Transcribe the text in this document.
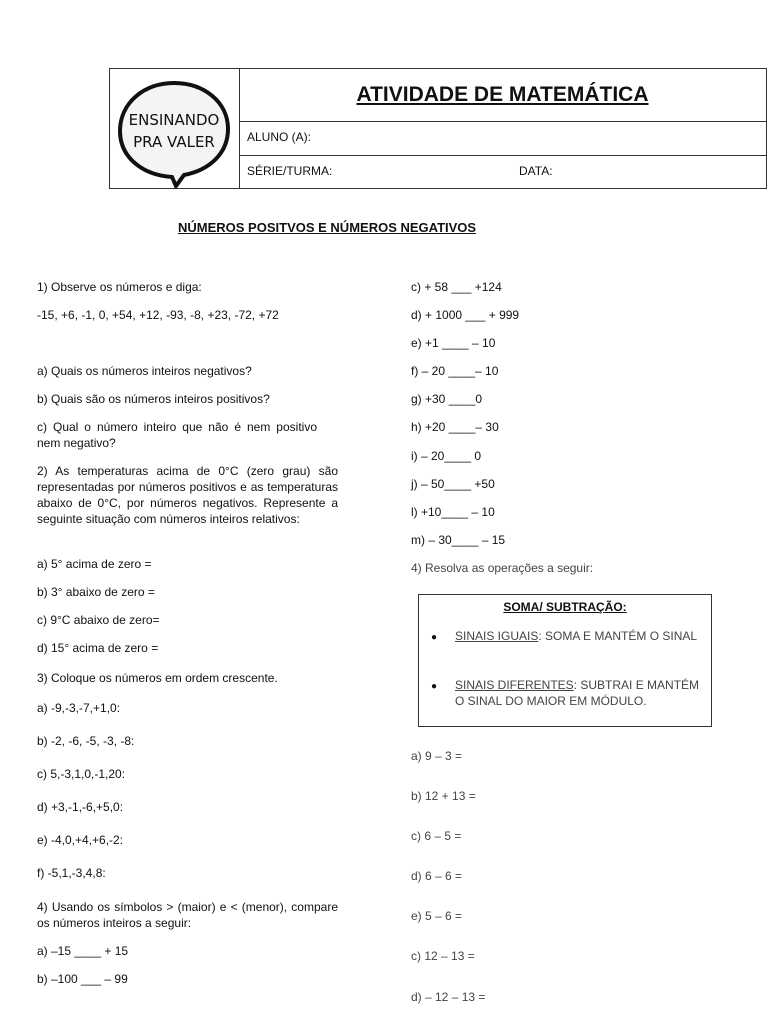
ENSINANDO
PRA VALER
ATIVIDADE DE MATEMÁTICA
ALUNO (A):
SÉRIE/TURMA:	DATA:
NÚMEROS POSITVOS E NÚMEROS NEGATIVOS
1) Observe os números e diga:
-15, +6, -1, 0, +54, +12, -93, -8, +23, -72, +72
a) Quais os números inteiros negativos?
b) Quais são os números inteiros positivos?
c) Qual o número inteiro que não é nem positivo nem negativo?
2) As temperaturas acima de 0°C (zero grau) são representadas por números positivos e as temperaturas abaixo de 0°C, por números negativos. Represente a seguinte situação com números inteiros relativos:
a) 5° acima de zero =
b) 3° abaixo de zero =
c) 9°C abaixo de zero=
d) 15° acima de zero =
3) Coloque os números em ordem crescente.
a) -9,-3,-7,+1,0:
b) -2, -6, -5, -3, -8:
c) 5,-3,1,0,-1,20:
d) +3,-1,-6,+5,0:
e) -4,0,+4,+6,-2:
f) -5,1,-3,4,8:
4) Usando os símbolos > (maior) e < (menor), compare os números inteiros a seguir:
a) –15 ____ + 15
b) –100 ___ – 99
c) + 58 ___ +124
d) + 1000 ___ + 999
e) +1 ____ – 10
f) – 20 ____– 10
g) +30 ____0
h) +20 ____– 30
i) – 20____ 0
j) – 50____ +50
l) +10____ – 10
m) – 30____ – 15
4) Resolva as operações a seguir:
SOMA/ SUBTRAÇÃO:
● SINAIS IGUAIS: SOMA E MANTÉM O SINAL
● SINAIS DIFERENTES: SUBTRAI E MANTÉM O SINAL DO MAIOR EM MÓDULO.
a) 9 – 3 =
b) 12 + 13 =
c) 6 – 5 =
d) 6 – 6 =
e) 5 – 6 =
c) 12 – 13 =
d) – 12 – 13 =
